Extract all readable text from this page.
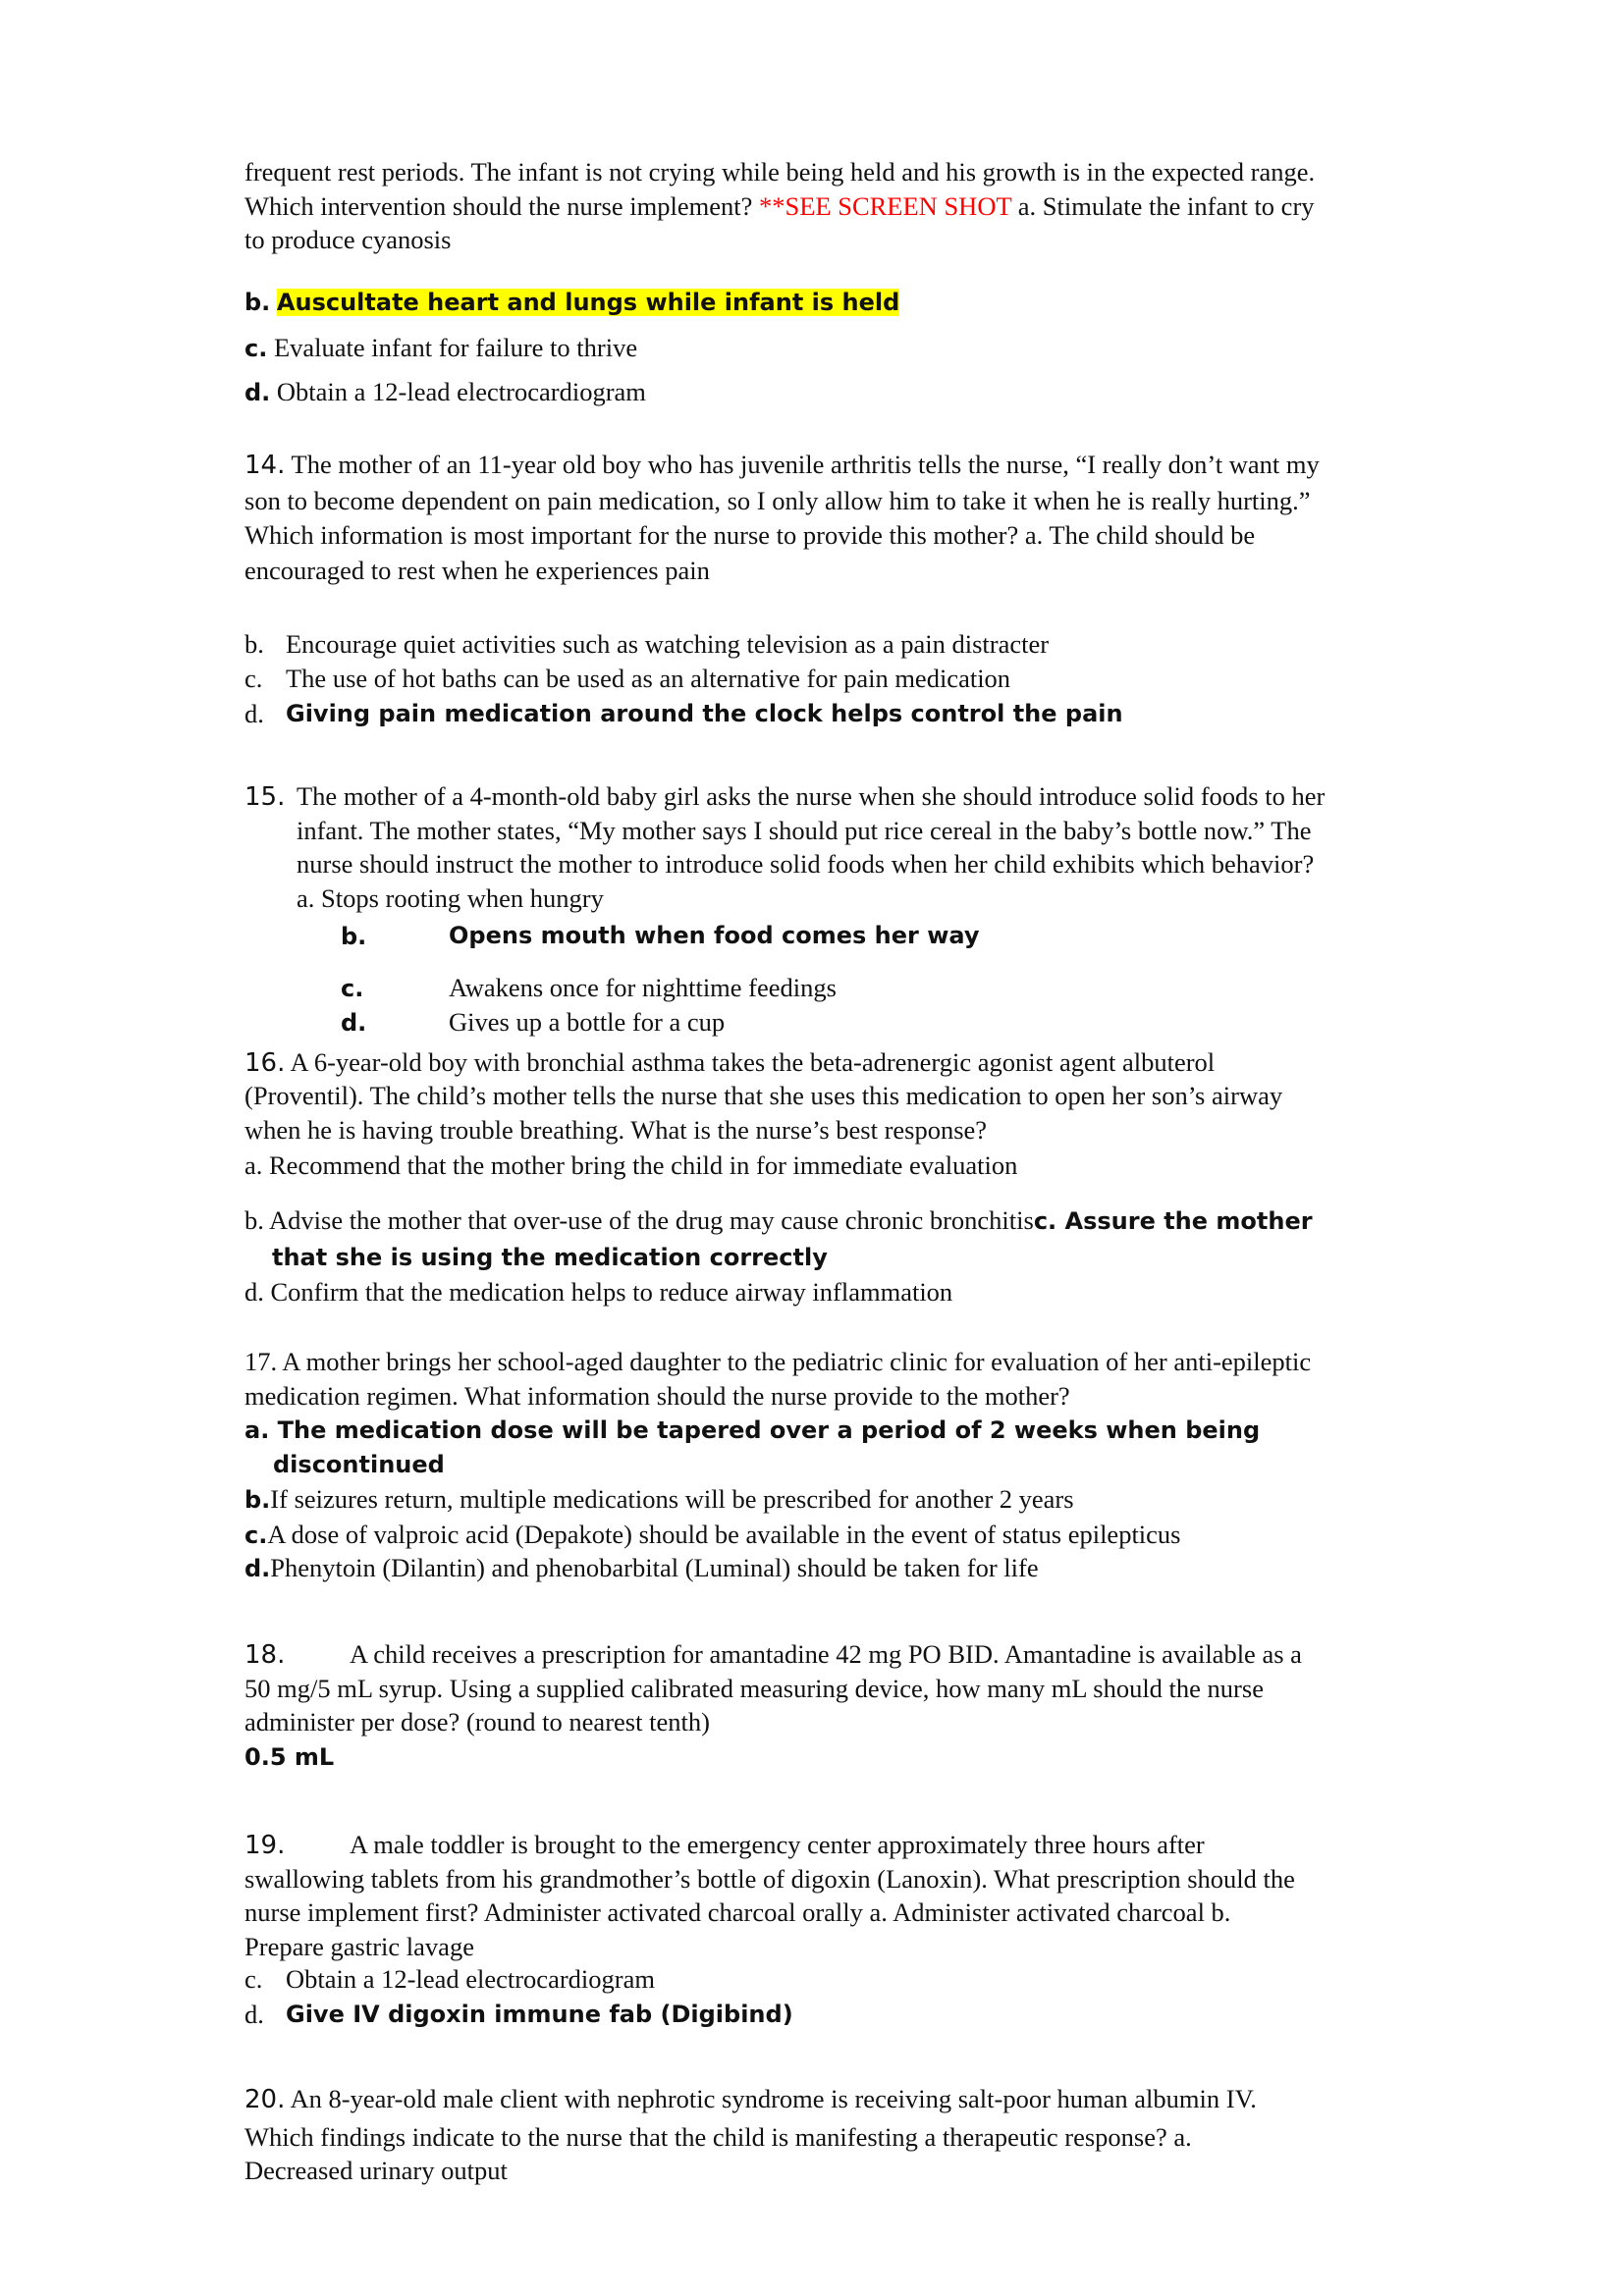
frequent rest periods. The infant is not crying while being held and his growth is in the expected range.
Which intervention should the nurse implement? **SEE SCREEN SHOT a. Stimulate the infant to cry
to produce cyanosis
b. Auscultate heart and lungs while infant is held
c. Evaluate infant for failure to thrive
d. Obtain a 12-lead electrocardiogram
14. The mother of an 11-year old boy who has juvenile arthritis tells the nurse, “I really don’t want my
son to become dependent on pain medication, so I only allow him to take it when he is really hurting.”
Which information is most important for the nurse to provide this mother? a. The child should be
encouraged to rest when he experiences pain
b. Encourage quiet activities such as watching television as a pain distracter
c. The use of hot baths can be used as an alternative for pain medication
d. Giving pain medication around the clock helps control the pain
15. The mother of a 4-month-old baby girl asks the nurse when she should introduce solid foods to her
infant. The mother states, “My mother says I should put rice cereal in the baby’s bottle now.” The
nurse should instruct the mother to introduce solid foods when her child exhibits which behavior?
a. Stops rooting when hungry
b.	Opens mouth when food comes her way
c.	Awakens once for nighttime feedings
d.	Gives up a bottle for a cup
16. A 6-year-old boy with bronchial asthma takes the beta-adrenergic agonist agent albuterol
(Proventil). The child’s mother tells the nurse that she uses this medication to open her son’s airway
when he is having trouble breathing. What is the nurse’s best response?
a. Recommend that the mother bring the child in for immediate evaluation
b. Advise the mother that over-use of the drug may cause chronic bronchitisc. Assure the mother
that she is using the medication correctly
d. Confirm that the medication helps to reduce airway inflammation
17. A mother brings her school-aged daughter to the pediatric clinic for evaluation of her anti-epileptic
medication regimen. What information should the nurse provide to the mother?
a. The medication dose will be tapered over a period of 2 weeks when being
discontinued
b.If seizures return, multiple medications will be prescribed for another 2 years
c.A dose of valproic acid (Depakote) should be available in the event of status epilepticus
d.Phenytoin (Dilantin) and phenobarbital (Luminal) should be taken for life
18. A child receives a prescription for amantadine 42 mg PO BID. Amantadine is available as a
50 mg/5 mL syrup. Using a supplied calibrated measuring device, how many mL should the nurse
administer per dose? (round to nearest tenth)
0.5 mL
19. A male toddler is brought to the emergency center approximately three hours after
swallowing tablets from his grandmother’s bottle of digoxin (Lanoxin). What prescription should the
nurse implement first? Administer activated charcoal orally a. Administer activated charcoal b.
Prepare gastric lavage
c. Obtain a 12-lead electrocardiogram
d. Give IV digoxin immune fab (Digibind)
20. An 8-year-old male client with nephrotic syndrome is receiving salt-poor human albumin IV.
Which findings indicate to the nurse that the child is manifesting a therapeutic response? a.
Decreased urinary output
